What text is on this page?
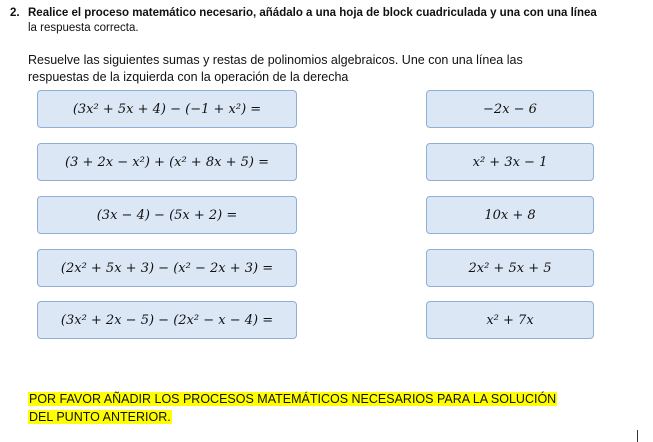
2. Realice el proceso matemático necesario, añádalo a una hoja de block cuadriculada y una con una línea
la respuesta correcta.
Resuelve las siguientes sumas y restas de polinomios algebraicos. Une con una línea las
respuestas de la izquierda con la operación de la derecha
(3x² + 5x + 4) − (−1 + x²) =
(3 + 2x − x²) + (x² + 8x + 5) =
(3x − 4) − (5x + 2) =
(2x² + 5x + 3) − (x² − 2x + 3) =
(3x² + 2x − 5) − (2x² − x − 4) =
−2x − 6
x² + 3x − 1
10x + 8
2x² + 5x + 5
x² + 7x
POR FAVOR AÑADIR LOS PROCESOS MATEMÁTICOS NECESARIOS PARA LA SOLUCIÓN
DEL PUNTO ANTERIOR.
